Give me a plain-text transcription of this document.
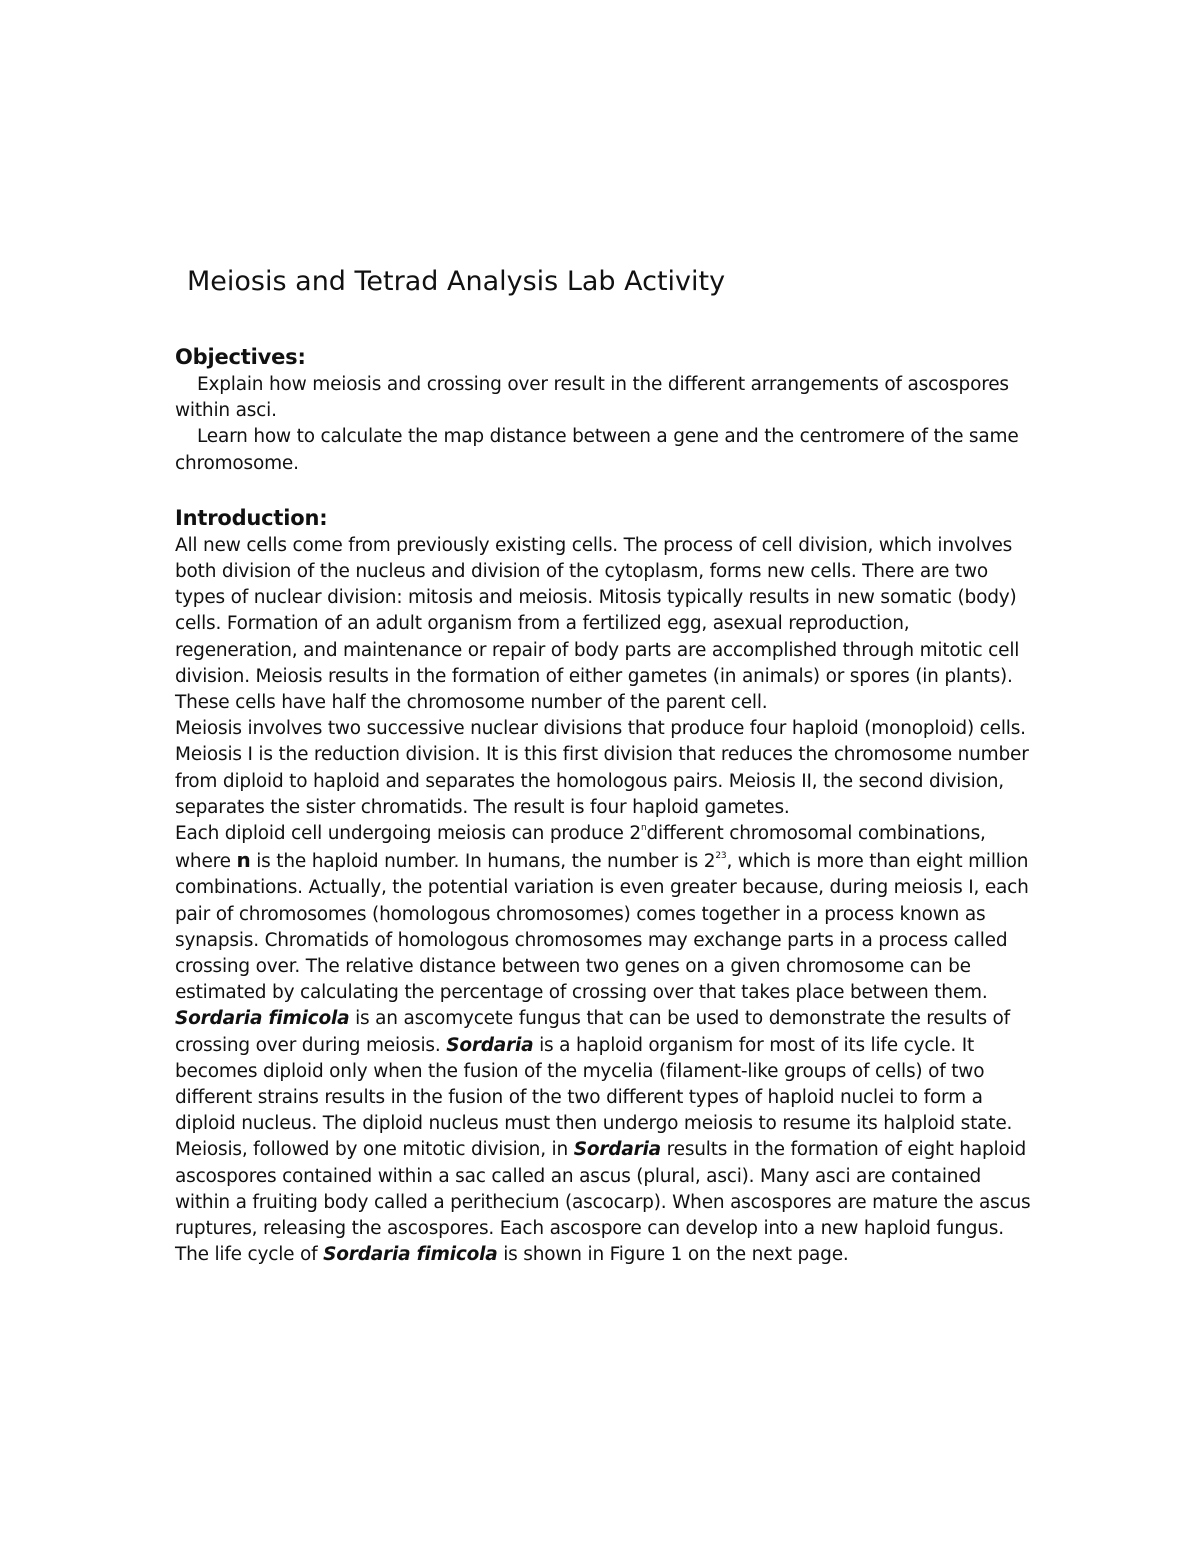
Meiosis and Tetrad Analysis Lab Activity

Objectives:

Explain how meiosis and crossing over result in the different arrangements of ascospores within asci.

Learn how to calculate the map distance between a gene and the centromere of the same chromosome.

Introduction:

All new cells come from previously existing cells. The process of cell division, which involves both division of the nucleus and division of the cytoplasm, forms new cells. There are two types of nuclear division: mitosis and meiosis. Mitosis typically results in new somatic (body) cells. Formation of an adult organism from a fertilized egg, asexual reproduction, regeneration, and maintenance or repair of body parts are accomplished through mitotic cell division. Meiosis results in the formation of either gametes (in animals) or spores (in plants). These cells have half the chromosome number of the parent cell.

Meiosis involves two successive nuclear divisions that produce four haploid (monoploid) cells. Meiosis I is the reduction division. It is this first division that reduces the chromosome number from diploid to haploid and separates the homologous pairs. Meiosis II, the second division, separates the sister chromatids. The result is four haploid gametes.

Each diploid cell undergoing meiosis can produce 2$^n$different chromosomal combinations, where n is the haploid number. In humans, the number is $2^{23}$, which is more than eight million combinations. Actually, the potential variation is even greater because, during meiosis I, each pair of chromosomes (homologous chromosomes) comes together in a process known as synapsis. Chromatids of homologous chromosomes may exchange parts in a process called crossing over. The relative distance between two genes on a given chromosome can be estimated by calculating the percentage of crossing over that takes place between them.

Sordaria fimicola is an ascomycete fungus that can be used to demonstrate the results of crossing over during meiosis. Sordaria is a haploid organism for most of its life cycle. It becomes diploid only when the fusion of the mycelia (filament-like groups of cells) of two different strains results in the fusion of the two different types of haploid nuclei to form a diploid nucleus. The diploid nucleus must then undergo meiosis to resume its halploid state.

Meiosis, followed by one mitotic division, in Sordaria results in the formation of eight haploid ascospores contained within a sac called an ascus (plural, asci). Many asci are contained within a fruiting body called a perithecium (ascocarp). When ascospores are mature the ascus ruptures, releasing the ascospores. Each ascospore can develop into a new haploid fungus. The life cycle of Sordaria fimicola is shown in Figure 1 on the next page.
